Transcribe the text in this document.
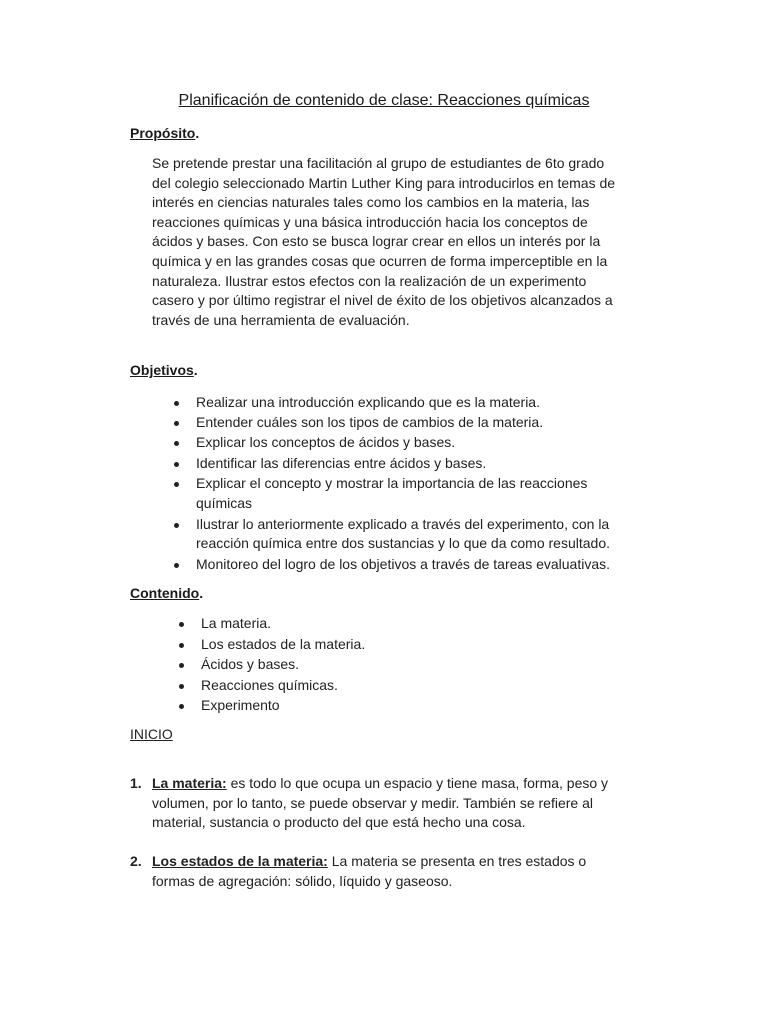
Planificación de contenido de clase: Reacciones químicas
Propósito.
Se pretende prestar una facilitación al grupo de estudiantes de 6to grado
del colegio seleccionado Martin Luther King para introducirlos en temas de
interés en ciencias naturales tales como los cambios en la materia, las
reacciones químicas y una básica introducción hacia los conceptos de
ácidos y bases. Con esto se busca lograr crear en ellos un interés por la
química y en las grandes cosas que ocurren de forma imperceptible en la
naturaleza. Ilustrar estos efectos con la realización de un experimento
casero y por último registrar el nivel de éxito de los objetivos alcanzados a
través de una herramienta de evaluación.
Objetivos.
Realizar una introducción explicando que es la materia.
Entender cuáles son los tipos de cambios de la materia.
Explicar los conceptos de ácidos y bases.
Identificar las diferencias entre ácidos y bases.
Explicar el concepto y mostrar la importancia de las reacciones
químicas
Ilustrar lo anteriormente explicado a través del experimento, con la
reacción química entre dos sustancias y lo que da como resultado.
Monitoreo del logro de los objetivos a través de tareas evaluativas.
Contenido.
La materia.
Los estados de la materia.
Ácidos y bases.
Reacciones químicas.
Experimento
INICIO
1. La materia: es todo lo que ocupa un espacio y tiene masa, forma, peso y
volumen, por lo tanto, se puede observar y medir. También se refiere al
material, sustancia o producto del que está hecho una cosa.
2. Los estados de la materia: La materia se presenta en tres estados o
formas de agregación: sólido, líquido y gaseoso.
